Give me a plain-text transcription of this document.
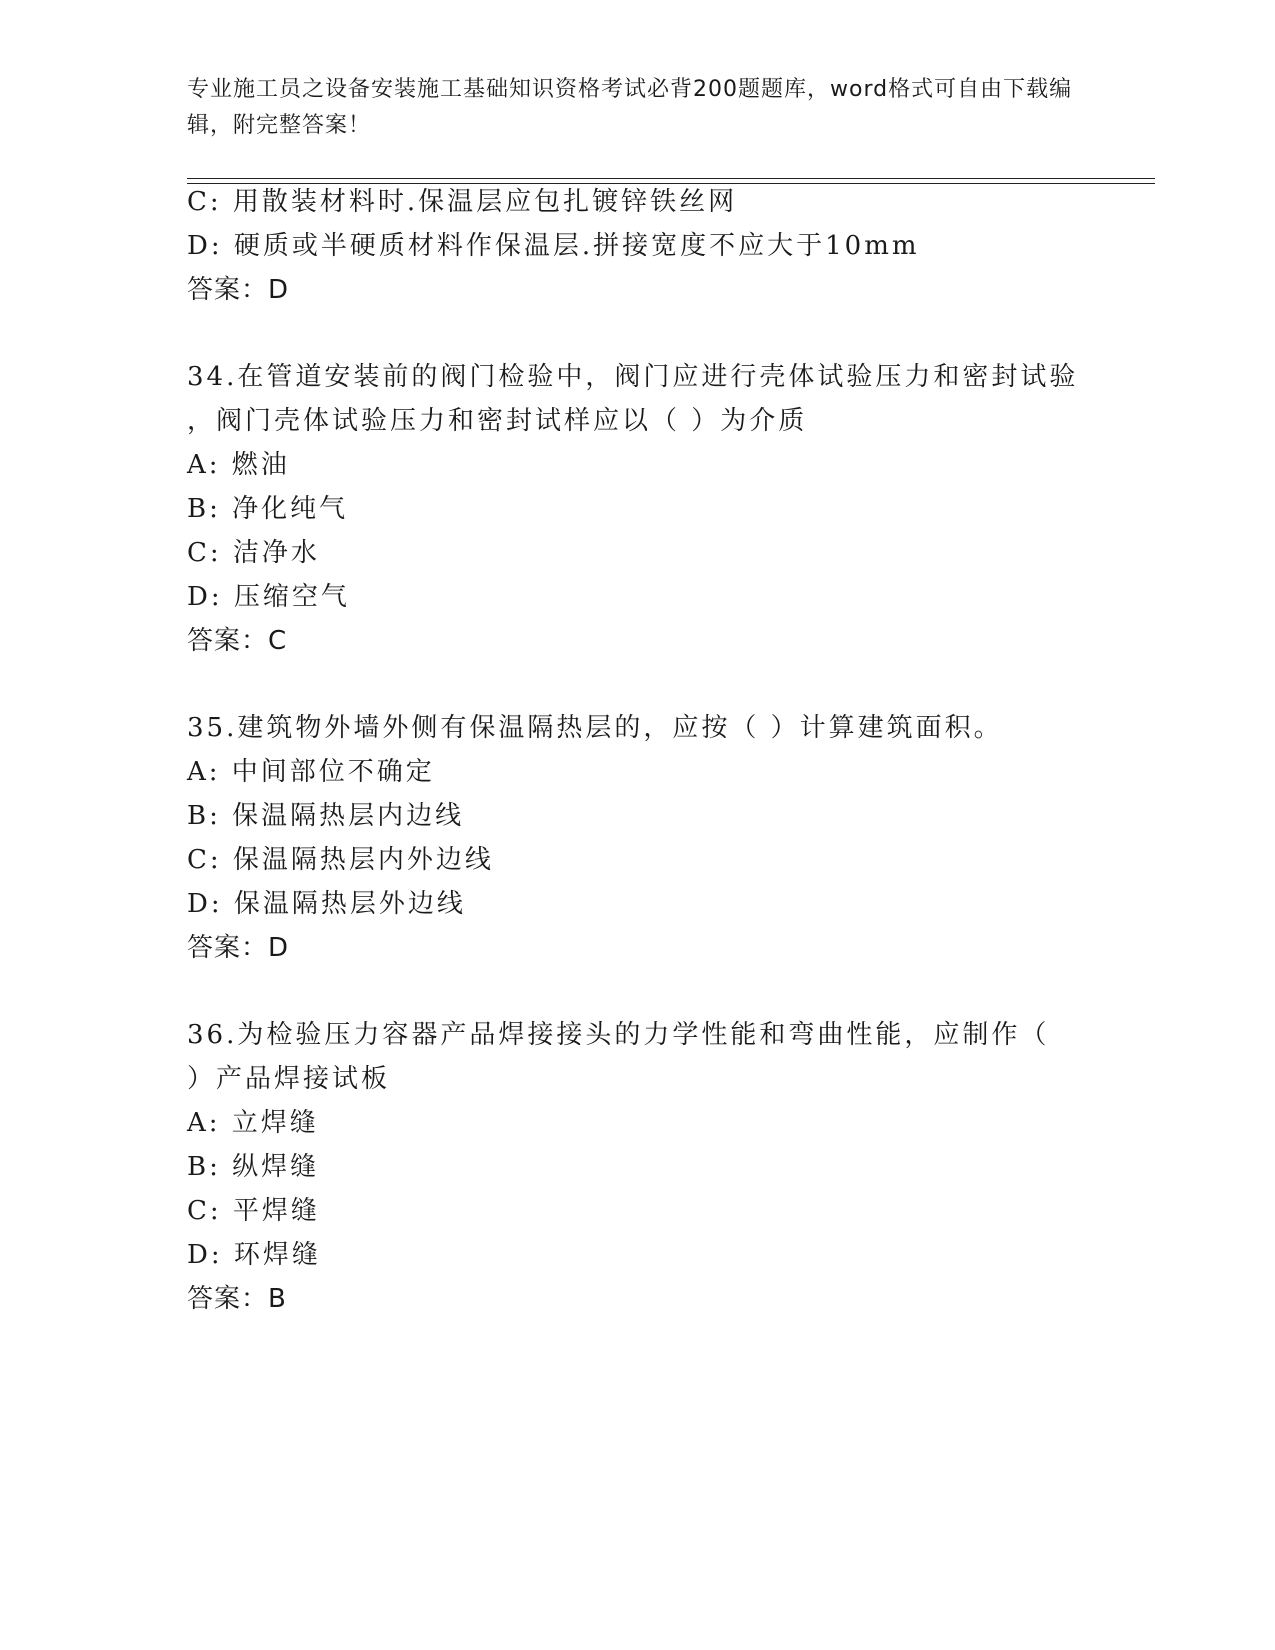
专业施工员之设备安装施工基础知识资格考试必背200题题库，word格式可自由下载编辑，附完整答案！
C: 用散装材料时.保温层应包扎镀锌铁丝网
D: 硬质或半硬质材料作保温层.拼接宽度不应大于10mm
答案：D
34.在管道安装前的阀门检验中，阀门应进行壳体试验压力和密封试验
，阀门壳体试验压力和密封试样应以（ ）为介质
A: 燃油
B: 净化纯气
C: 洁净水
D: 压缩空气
答案：C
35.建筑物外墙外侧有保温隔热层的，应按（ ）计算建筑面积。
A: 中间部位不确定
B: 保温隔热层内边线
C: 保温隔热层内外边线
D: 保温隔热层外边线
答案：D
36.为检验压力容器产品焊接接头的力学性能和弯曲性能，应制作（
）产品焊接试板
A: 立焊缝
B: 纵焊缝
C: 平焊缝
D: 环焊缝
答案：B
